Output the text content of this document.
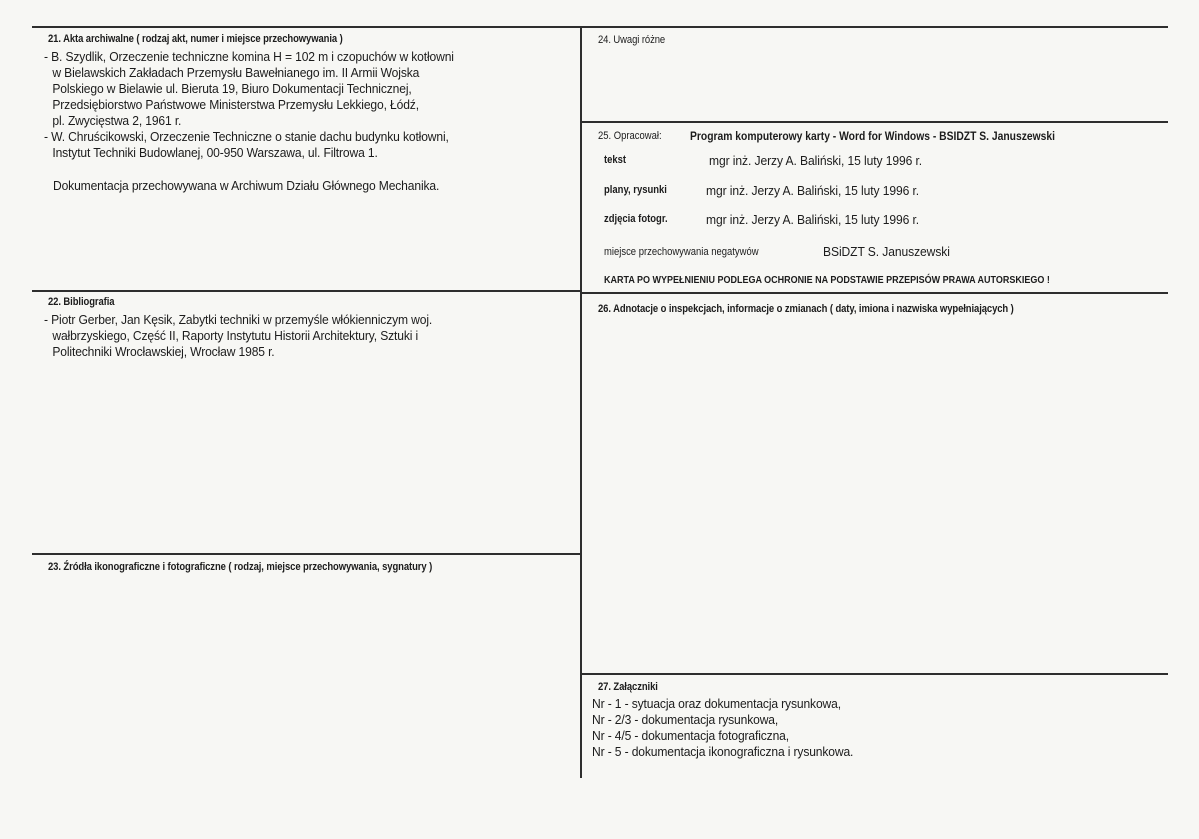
21. Akta archiwalne ( rodzaj akt, numer i miejsce przechowywania )
- B. Szydlik, Orzeczenie techniczne komina H = 102 m i czopuchów w kotłowni
w Bielawskich Zakładach Przemysłu Bawełnianego im. II Armii Wojska
Polskiego w Bielawie ul. Bieruta 19, Biuro Dokumentacji Technicznej,
Przedsiębiorstwo Państwowe Ministerstwa Przemysłu Lekkiego, Łódź,
pl. Zwycięstwa 2, 1961 r.
- W. Chruścikowski, Orzeczenie Techniczne o stanie dachu budynku kotłowni,
Instytut Techniki Budowlanej, 00-950 Warszawa, ul. Filtrowa 1.
Dokumentacja przechowywana w Archiwum Działu Głównego Mechanika.
22. Bibliografia
- Piotr Gerber, Jan Kęsik, Zabytki techniki w przemyśle włókienniczym woj.
wałbrzyskiego, Część II, Raporty Instytutu Historii Architektury, Sztuki i
Politechniki Wrocławskiej, Wrocław 1985 r.
23. Źródła ikonograficzne i fotograficzne ( rodzaj, miejsce przechowywania, sygnatury )
24. Uwagi różne
25. Opracował: Program komputerowy karty - Word for Windows - BSIDZT S. Januszewski
tekst	mgr inż. Jerzy A. Baliński, 15 luty 1996 r.
plany, rysunki	mgr inż. Jerzy A. Baliński, 15 luty 1996 r.
zdjęcia fotogr.	mgr inż. Jerzy A. Baliński, 15 luty 1996 r.
miejsce przechowywania negatywów	BSiDZT S. Januszewski
KARTA PO WYPEŁNIENIU PODLEGA OCHRONIE NA PODSTAWIE PRZEPISÓW PRAWA AUTORSKIEGO !
26. Adnotacje o inspekcjach, informacje o zmianach ( daty, imiona i nazwiska wypełniających )
27. Załączniki
Nr - 1 - sytuacja oraz dokumentacja rysunkowa,
Nr - 2/3 - dokumentacja rysunkowa,
Nr - 4/5 - dokumentacja fotograficzna,
Nr - 5 - dokumentacja ikonograficzna i rysunkowa.
